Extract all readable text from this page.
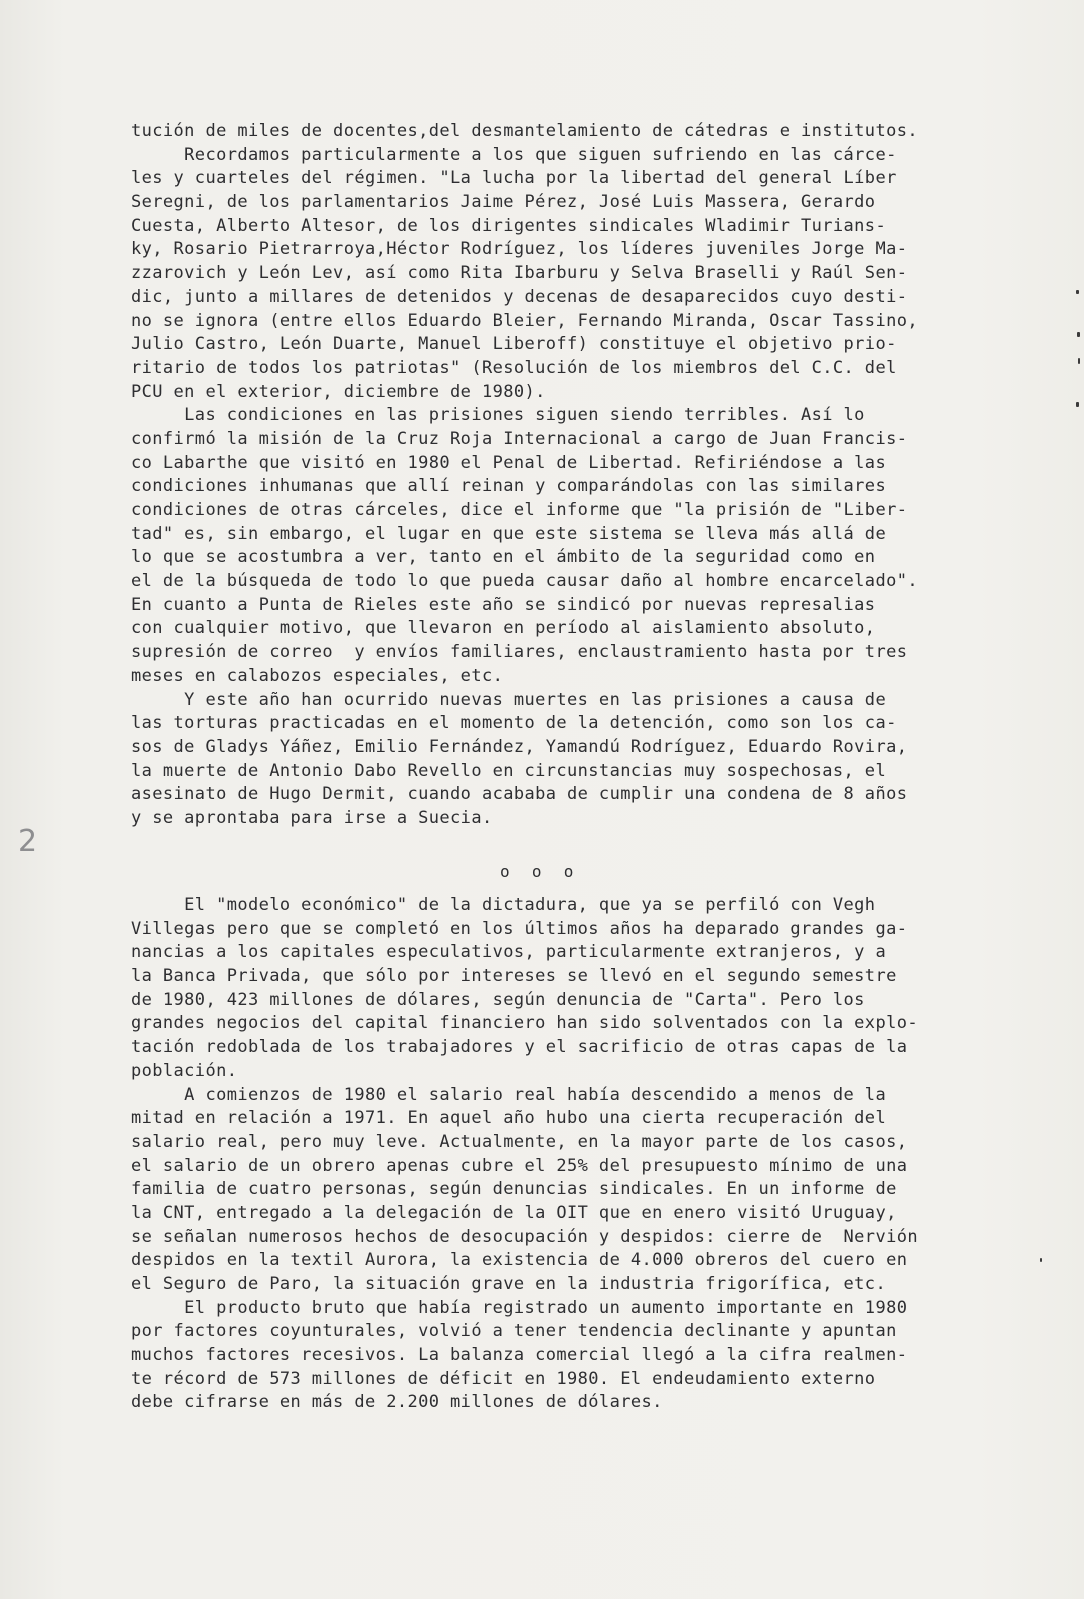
2
tución de miles de docentes,del desmantelamiento de cátedras e institutos.
Recordamos particularmente a los que siguen sufriendo en las cárce-
les y cuarteles del régimen. "La lucha por la libertad del general Líber
Seregni, de los parlamentarios Jaime Pérez, José Luis Massera, Gerardo
Cuesta, Alberto Altesor, de los dirigentes sindicales Wladimir Turians-
ky, Rosario Pietrarroya,Héctor Rodríguez, los líderes juveniles Jorge Ma-
zzarovich y León Lev, así como Rita Ibarburu y Selva Braselli y Raúl Sen-
dic, junto a millares de detenidos y decenas de desaparecidos cuyo desti-
no se ignora (entre ellos Eduardo Bleier, Fernando Miranda, Oscar Tassino,
Julio Castro, León Duarte, Manuel Liberoff) constituye el objetivo prio-
ritario de todos los patriotas" (Resolución de los miembros del C.C. del
PCU en el exterior, diciembre de 1980).
Las condiciones en las prisiones siguen siendo terribles. Así lo
confirmó la misión de la Cruz Roja Internacional a cargo de Juan Francis-
co Labarthe que visitó en 1980 el Penal de Libertad. Refiriéndose a las
condiciones inhumanas que allí reinan y comparándolas con las similares
condiciones de otras cárceles, dice el informe que "la prisión de "Liber-
tad" es, sin embargo, el lugar en que este sistema se lleva más allá de
lo que se acostumbra a ver, tanto en el ámbito de la seguridad como en
el de la búsqueda de todo lo que pueda causar daño al hombre encarcelado".
En cuanto a Punta de Rieles este año se sindicó por nuevas represalias
con cualquier motivo, que llevaron en período al aislamiento absoluto,
supresión de correo  y envíos familiares, enclaustramiento hasta por tres
meses en calabozos especiales, etc.
Y este año han ocurrido nuevas muertes en las prisiones a causa de
las torturas practicadas en el momento de la detención, como son los ca-
sos de Gladys Yáñez, Emilio Fernández, Yamandú Rodríguez, Eduardo Rovira,
la muerte de Antonio Dabo Revello en circunstancias muy sospechosas, el
asesinato de Hugo Dermit, cuando acababa de cumplir una condena de 8 años
y se aprontaba para irse a Suecia.
o  o  o
El "modelo económico" de la dictadura, que ya se perfiló con Vegh
Villegas pero que se completó en los últimos años ha deparado grandes ga-
nancias a los capitales especulativos, particularmente extranjeros, y a
la Banca Privada, que sólo por intereses se llevó en el segundo semestre
de 1980, 423 millones de dólares, según denuncia de "Carta". Pero los
grandes negocios del capital financiero han sido solventados con la explo-
tación redoblada de los trabajadores y el sacrificio de otras capas de la
población.
A comienzos de 1980 el salario real había descendido a menos de la
mitad en relación a 1971. En aquel año hubo una cierta recuperación del
salario real, pero muy leve. Actualmente, en la mayor parte de los casos,
el salario de un obrero apenas cubre el 25% del presupuesto mínimo de una
familia de cuatro personas, según denuncias sindicales. En un informe de
la CNT, entregado a la delegación de la OIT que en enero visitó Uruguay,
se señalan numerosos hechos de desocupación y despidos: cierre de  Nervión
despidos en la textil Aurora, la existencia de 4.000 obreros del cuero en
el Seguro de Paro, la situación grave en la industria frigorífica, etc.
El producto bruto que había registrado un aumento importante en 1980
por factores coyunturales, volvió a tener tendencia declinante y apuntan
muchos factores recesivos. La balanza comercial llegó a la cifra realmen-
te récord de 573 millones de déficit en 1980. El endeudamiento externo
debe cifrarse en más de 2.200 millones de dólares.
